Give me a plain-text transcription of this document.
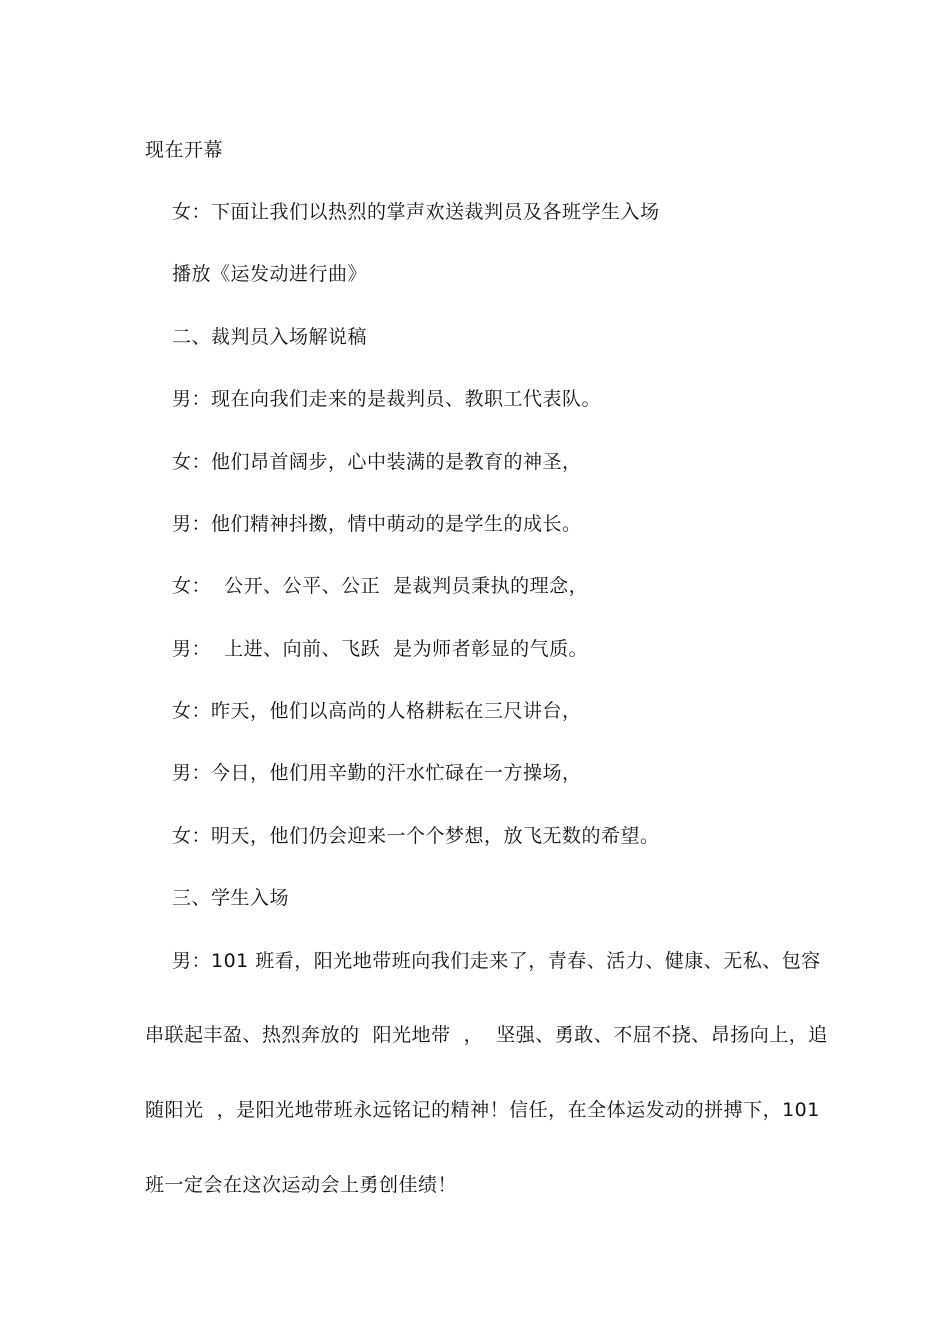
现在开幕
女：下面让我们以热烈的掌声欢送裁判员及各班学生入场
播放《运发动进行曲》
二、裁判员入场解说稿
男：现在向我们走来的是裁判员、教职工代表队。
女：他们昂首阔步，心中装满的是教育的神圣，
男：他们精神抖擞，情中萌动的是学生的成长。
女：  公开、公平、公正  是裁判员秉执的理念，
男：  上进、向前、飞跃  是为师者彰显的气质。
女：昨天，他们以高尚的人格耕耘在三尺讲台，
男：今日，他们用辛勤的汗水忙碌在一方操场，
女：明天，他们仍会迎来一个个梦想，放飞无数的希望。
三、学生入场
男：101 班看，阳光地带班向我们走来了，青春、活力、健康、无私、包容
串联起丰盈、热烈奔放的  阳光地带  ，  坚强、勇敢、不屈不挠、昂扬向上，追
随阳光  ，是阳光地带班永远铭记的精神！信任，在全体运发动的拼搏下，101
班一定会在这次运动会上勇创佳绩！
